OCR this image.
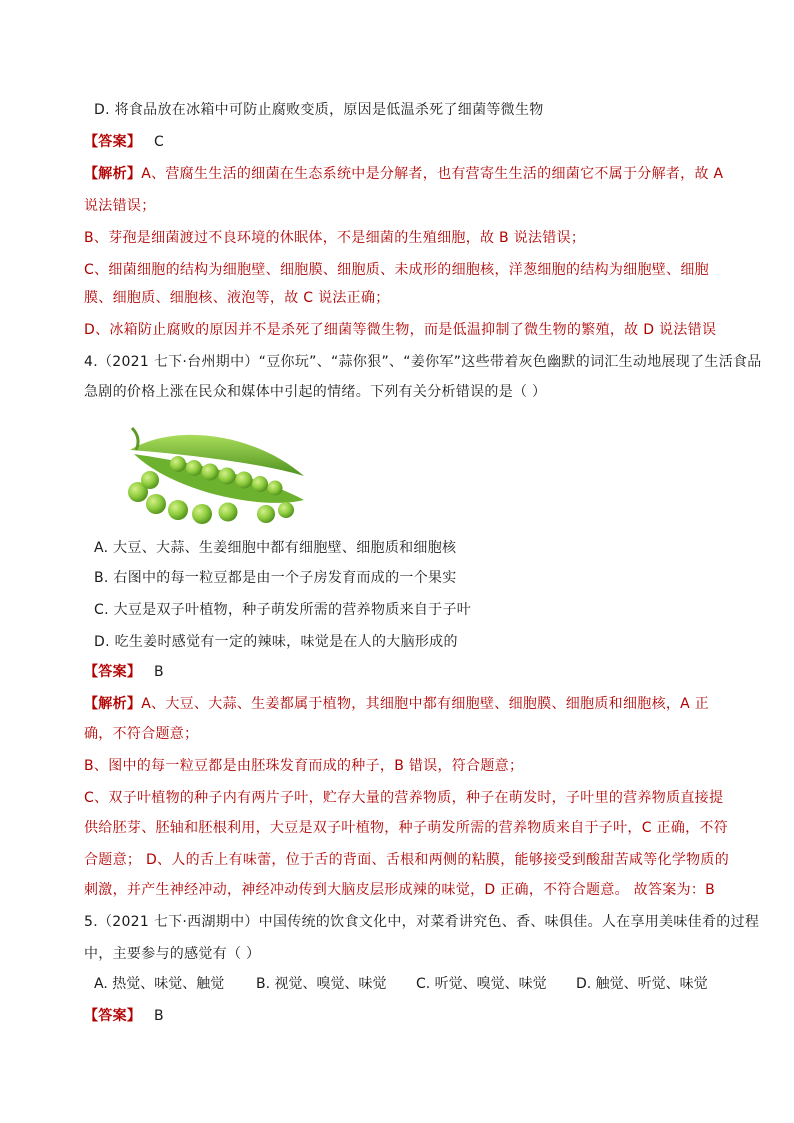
D. 将食品放在冰箱中可防止腐败变质，原因是低温杀死了细菌等微生物
【答案】 C
【解析】A、营腐生生活的细菌在生态系统中是分解者，也有营寄生生活的细菌它不属于分解者，故 A
说法错误；
B、芽孢是细菌渡过不良环境的休眠体，不是细菌的生殖细胞，故 B 说法错误；
C、细菌细胞的结构为细胞壁、细胞膜、细胞质、未成形的细胞核，洋葱细胞的结构为细胞壁、细胞
膜、细胞质、细胞核、液泡等，故 C 说法正确；
D、冰箱防止腐败的原因并不是杀死了细菌等微生物，而是低温抑制了微生物的繁殖，故 D 说法错误
4.（2021 七下·台州期中）“豆你玩”、“蒜你狠”、“姜你军”这些带着灰色幽默的词汇生动地展现了生活食品
急剧的价格上涨在民众和媒体中引起的情绪。下列有关分析错误的是（ ）
A. 大豆、大蒜、生姜细胞中都有细胞壁、细胞质和细胞核
B. 右图中的每一粒豆都是由一个子房发育而成的一个果实
C. 大豆是双子叶植物，种子萌发所需的营养物质来自于子叶
D. 吃生姜时感觉有一定的辣味，味觉是在人的大脑形成的
【答案】 B
【解析】A、大豆、大蒜、生姜都属于植物，其细胞中都有细胞壁、细胞膜、细胞质和细胞核，A 正
确，不符合题意；
B、图中的每一粒豆都是由胚珠发育而成的种子，B 错误，符合题意；
C、双子叶植物的种子内有两片子叶，贮存大量的营养物质，种子在萌发时，子叶里的营养物质直接提
供给胚芽、胚轴和胚根利用，大豆是双子叶植物，种子萌发所需的营养物质来自于子叶，C 正确，不符
合题意； D、人的舌上有味蕾，位于舌的背面、舌根和两侧的粘膜，能够接受到酸甜苦咸等化学物质的
刺激，并产生神经冲动，神经冲动传到大脑皮层形成辣的味觉，D 正确，不符合题意。 故答案为：B
5.（2021 七下·西湖期中）中国传统的饮食文化中，对菜肴讲究色、香、味俱佳。人在享用美味佳肴的过程
中，主要参与的感觉有（ ）
A. 热觉、味觉、触觉 B. 视觉、嗅觉、味觉 C. 听觉、嗅觉、味觉 D. 触觉、听觉、味觉
【答案】 B
